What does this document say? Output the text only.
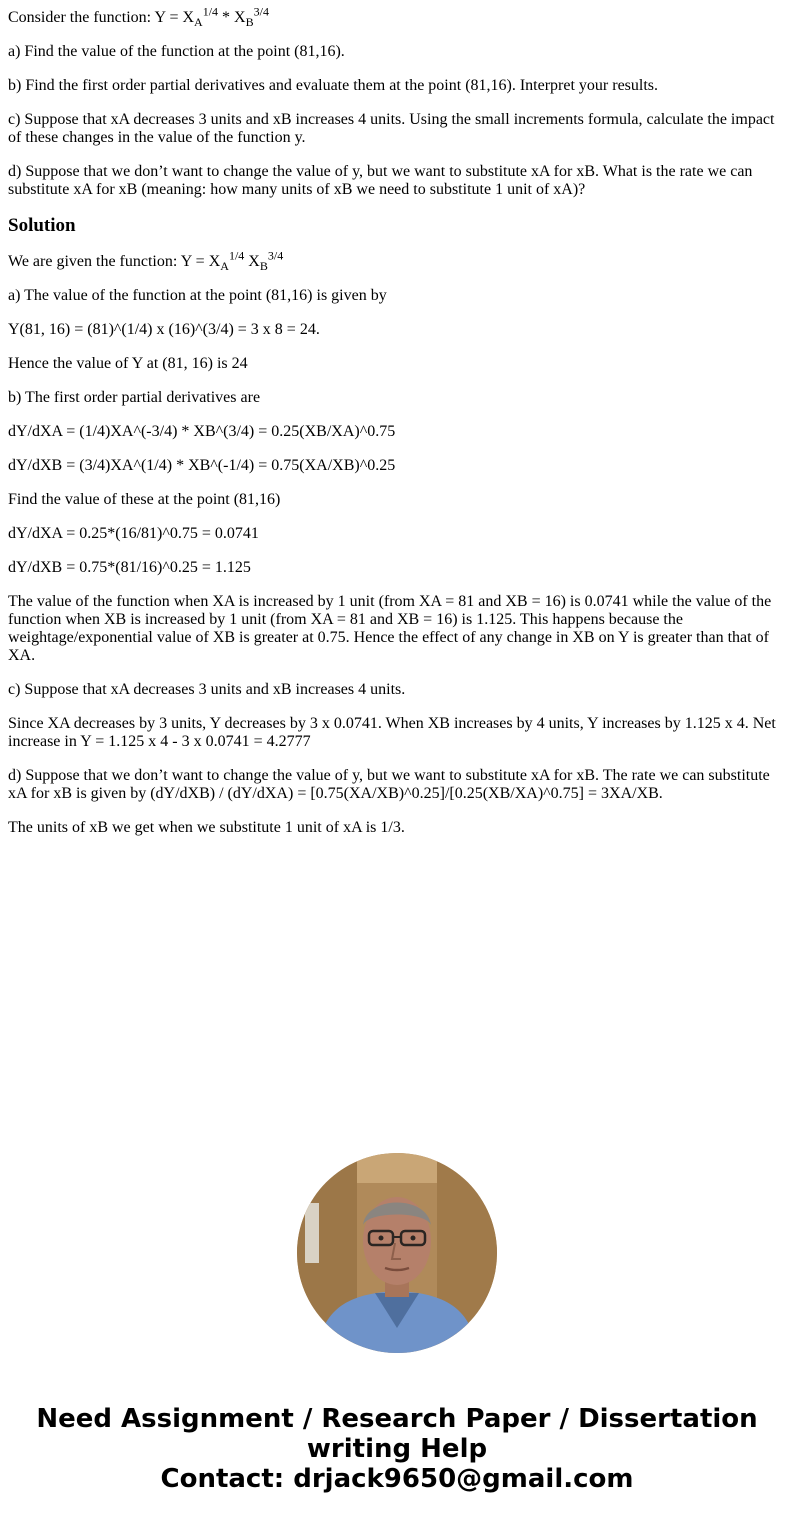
Consider the function: $Y = X_A^{1/4} * X_B^{3/4}$

a) Find the value of the function at the point (81,16).

b) Find the first order partial derivatives and evaluate them at the point (81,16). Interpret your results.

c) Suppose that xA decreases 3 units and xB increases 4 units. Using the small increments formula, calculate the impact of these changes in the value of the function y.

d) Suppose that we don’t want to change the value of y, but we want to substitute xA for xB. What is the rate we can substitute xA for xB (meaning: how many units of xB we need to substitute 1 unit of xA)?

Solution

We are given the function: $Y = X_A^{1/4}$ $X_B^{3/4}$

a) The value of the function at the point (81,16) is given by

Y(81, 16) = (81)^(1/4) x (16)^(3/4) = 3 x 8 = 24.

Hence the value of Y at (81, 16) is 24

b) The first order partial derivatives are

dY/dXA = (1/4)XA^(-3/4) * XB^(3/4) = 0.25(XB/XA)^0.75

dY/dXB = (3/4)XA^(1/4) * XB^(-1/4) = 0.75(XA/XB)^0.25

Find the value of these at the point (81,16)

dY/dXA = 0.25*(16/81)^0.75 = 0.0741

dY/dXB = 0.75*(81/16)^0.25 = 1.125

The value of the function when XA is increased by 1 unit (from XA = 81 and XB = 16) is 0.0741 while the value of the function when XB is increased by 1 unit (from XA = 81 and XB = 16) is 1.125. This happens because the weightage/exponential value of XB is greater at 0.75. Hence the effect of any change in XB on Y is greater than that of XA.

c) Suppose that xA decreases 3 units and xB increases 4 units.

Since XA decreases by 3 units, Y decreases by 3 x 0.0741. When XB increases by 4 units, Y increases by 1.125 x 4. Net increase in Y = 1.125 x 4 - 3 x 0.0741 = 4.2777

d) Suppose that we don’t want to change the value of y, but we want to substitute xA for xB. The rate we can substitute xA for xB is given by (dY/dXB) / (dY/dXA) = [0.75(XA/XB)^0.25]/[0.25(XB/XA)^0.75] = 3XA/XB.

The units of xB we get when we substitute 1 unit of xA is 1/3.

Need Assignment / Research Paper / Dissertation
writing Help
Contact: drjack9650@gmail.com
